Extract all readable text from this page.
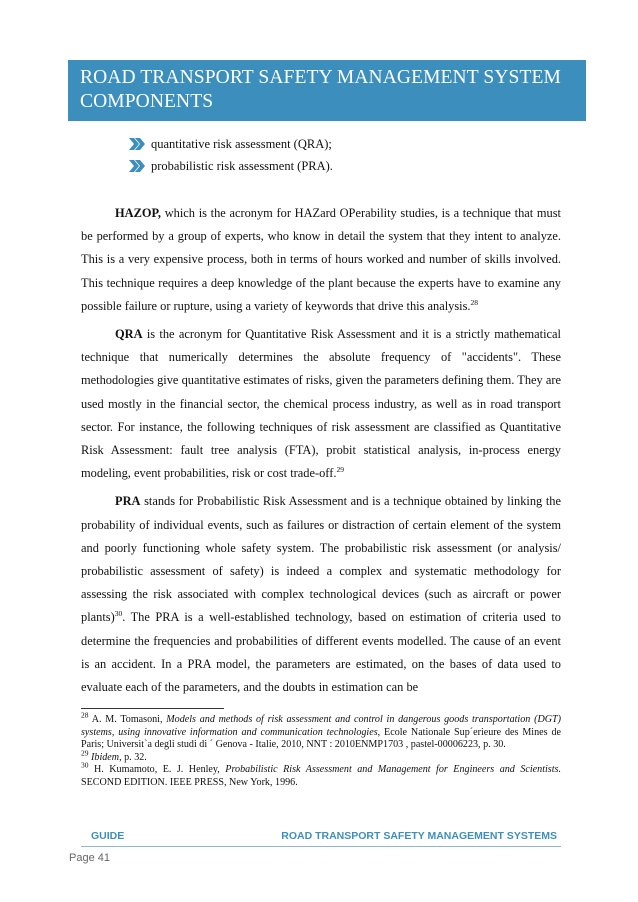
ROAD TRANSPORT SAFETY MANAGEMENT SYSTEM COMPONENTS
quantitative risk assessment (QRA);
probabilistic risk assessment (PRA).

HAZOP, which is the acronym for HAZard OPerability studies, is a technique that must be performed by a group of experts, who know in detail the system that they intent to analyze. This is a very expensive process, both in terms of hours worked and number of skills involved. This technique requires a deep knowledge of the plant because the experts have to examine any possible failure or rupture, using a variety of keywords that drive this analysis.$^{28}$

QRA is the acronym for Quantitative Risk Assessment and it is a strictly mathematical technique that numerically determines the absolute frequency of "accidents". These methodologies give quantitative estimates of risks, given the parameters defining them. They are used mostly in the financial sector, the chemical process industry, as well as in road transport sector. For instance, the following techniques of risk assessment are classified as Quantitative Risk Assessment: fault tree analysis (FTA), probit statistical analysis, in-process energy modeling, event probabilities, risk or cost trade-off.$^{29}$

PRA stands for Probabilistic Risk Assessment and is a technique obtained by linking the probability of individual events, such as failures or distraction of certain element of the system and poorly functioning whole safety system. The probabilistic risk assessment (or analysis/ probabilistic assessment of safety) is indeed a complex and systematic methodology for assessing the risk associated with complex technological devices (such as aircraft or power plants)$^{30}$. The PRA is a well-established technology, based on estimation of criteria used to determine the frequencies and probabilities of different events modelled. The cause of an event is an accident. In a PRA model, the parameters are estimated, on the bases of data used to evaluate each of the parameters, and the doubts in estimation can be

$^{28}$ A. M. Tomasoni, Models and methods of risk assessment and control in dangerous goods transportation (DGT) systems, using innovative information and communication technologies, Ecole Nationale Sup´erieure des Mines de Paris; Universit`a degli studi di ´ Genova - Italie, 2010, NNT : 2010ENMP1703 , pastel-00006223, p. 30.

$^{29}$ Ibidem, p. 32.

$^{30}$ H. Kumamoto, E. J. Henley, Probabilistic Risk Assessment and Management for Engineers and Scientists. SECOND EDITION. IEEE PRESS, New York, 1996.

GUIDE	ROAD TRANSPORT SAFETY MANAGEMENT SYSTEMS
Page 41
